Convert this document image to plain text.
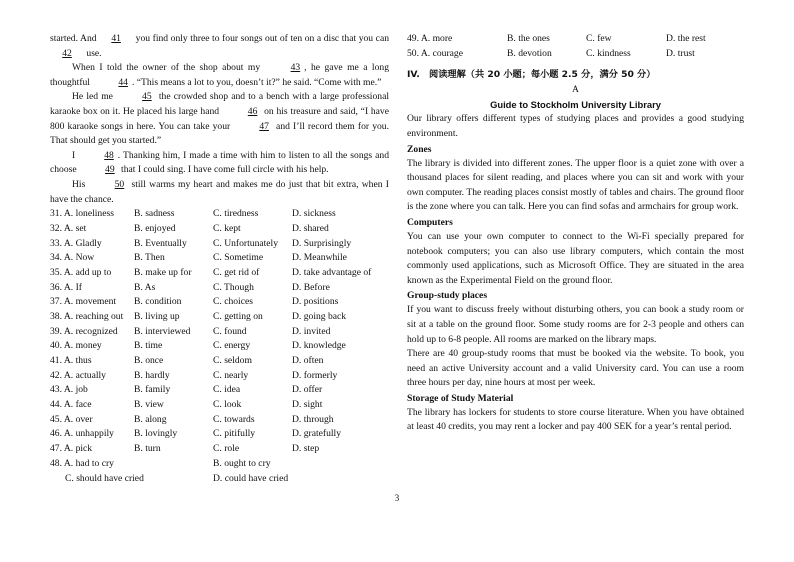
started. And 41 you find only three to four songs out of ten on a disc that you can 42 use.

When I told the owner of the shop about my	43 , he gave me a long thoughtful	44 . “This means a lot to you, doesn’t it?” he said. “Come with me.”

He led me	45 the crowded shop and to a bench with a large professional karaoke box on it. He placed his large hand	46 on his treasure and said, “I have 800 karaoke songs in here. You can take your	47 and I’ll record them for you. That should get you started.”

I	48 . Thanking him, I made a time with him to listen to all the songs and choose	49 that I could sing. I have come full circle with his help.

His	50 still warms my heart and makes me do just that bit extra, when I have the chance.

31. A. loneliness	B. sadness	C. tiredness	D. sickness
32. A. set	B. enjoyed	C. kept	D. shared
33. A. Gladly	B. Eventually	C. Unfortunately	D. Surprisingly
34. A. Now	B. Then	C. Sometime	D. Meanwhile
35. A. add up to	B. make up for	C. get rid of	D. take advantage of
36. A. If	B. As	C. Though	D. Before
37. A. movement	B. condition	C. choices	D. positions
38. A. reaching out	B. living up	C. getting on	D. going back
39. A. recognized	B. interviewed	C. found	D. invited
40. A. money	B. time	C. energy	D. knowledge
41. A. thus	B. once	C. seldom	D. often
42. A. actually	B. hardly	C. nearly	D. formerly
43. A. job	B. family	C. idea	D. offer
44. A. face	B. view	C. look	D. sight
45. A. over	B. along	C. towards	D. through
46. A. unhappily	B. lovingly	C. pitifully	D. gratefully
47. A. pick	B. turn	C. role	D. step
48. A. had to cry	B. ought to cry
C. should have cried	D. could have cried
49. A. more	B. the ones	C. few	D. the rest
50. A. courage	B. devotion	C. kindness	D. trust
IV.　阅读理解（共 20 小题；每小题 2.5 分，满分 50 分）
A
Guide to Stockholm University Library

Our library offers different types of studying places and provides a good studying environment.

Zones

The library is divided into different zones. The upper floor is a quiet zone with over a thousand places for silent reading, and places where you can sit and work with your own computer. The reading places consist mostly of tables and chairs. The ground floor is the zone where you can talk. Here you can find sofas and armchairs for group work.

Computers

You can use your own computer to connect to the Wi-Fi specially prepared for notebook computers; you can also use library computers, which contain the most commonly used applications, such as Microsoft Office. They are situated in the area known as the Experimental Field on the ground floor.

Group-study places

If you want to discuss freely without disturbing others, you can book a study room or sit at a table on the ground floor. Some study rooms are for 2-3 people and others can hold up to 6-8 people. All rooms are marked on the library maps.

There are 40 group-study rooms that must be booked via the website. To book, you need an active University account and a valid University card. You can use a room three hours per day, nine hours at most per week.

Storage of Study Material

The library has lockers for students to store course literature. When you have obtained at least 40 credits, you may rent a locker and pay 400 SEK for a year’s rental period.

3
